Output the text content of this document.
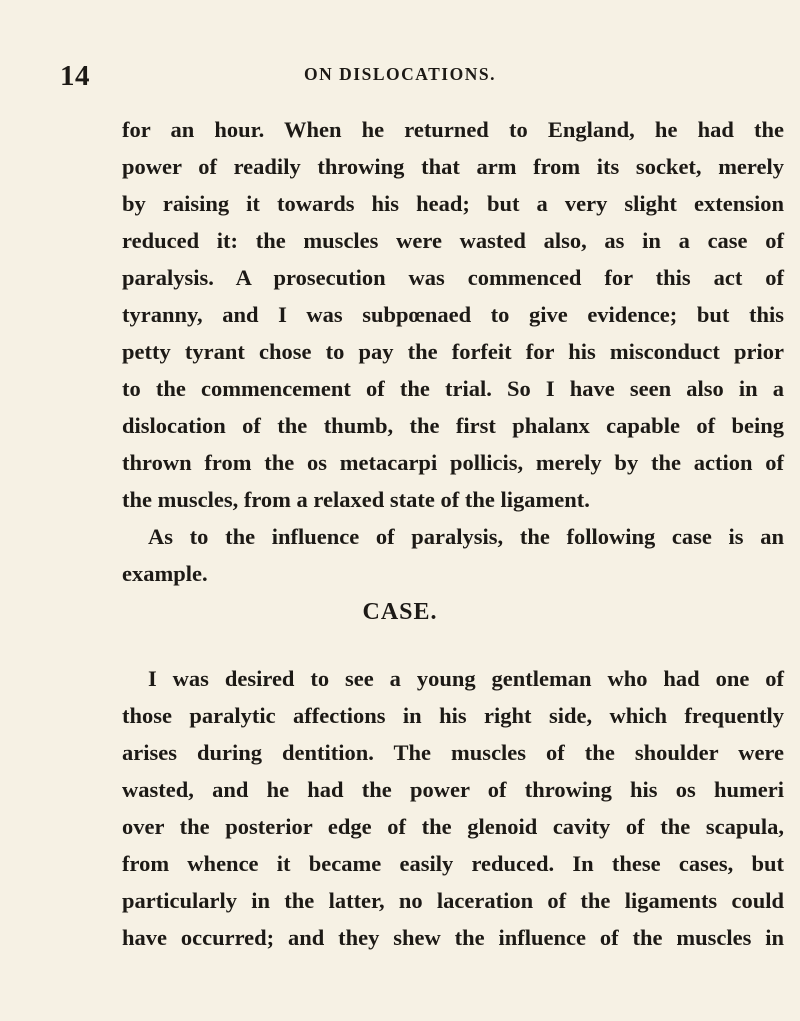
14	ON DISLOCATIONS.
for an hour. When he returned to England, he had the
power of readily throwing that arm from its socket, merely
by raising it towards his head; but a very slight extension
reduced it: the muscles were wasted also, as in a case of
paralysis. A prosecution was commenced for this act of
tyranny, and I was subpœnaed to give evidence; but this
petty tyrant chose to pay the forfeit for his misconduct prior
to the commencement of the trial. So I have seen also in a
dislocation of the thumb, the first phalanx capable of being
thrown from the os metacarpi pollicis, merely by the action of
the muscles, from a relaxed state of the ligament.
As to the influence of paralysis, the following case is an
example.
CASE.
I was desired to see a young gentleman who had one of
those paralytic affections in his right side, which frequently
arises during dentition. The muscles of the shoulder were
wasted, and he had the power of throwing his os humeri
over the posterior edge of the glenoid cavity of the scapula,
from whence it became easily reduced. In these cases, but
particularly in the latter, no laceration of the ligaments could
have occurred; and they shew the influence of the muscles in
